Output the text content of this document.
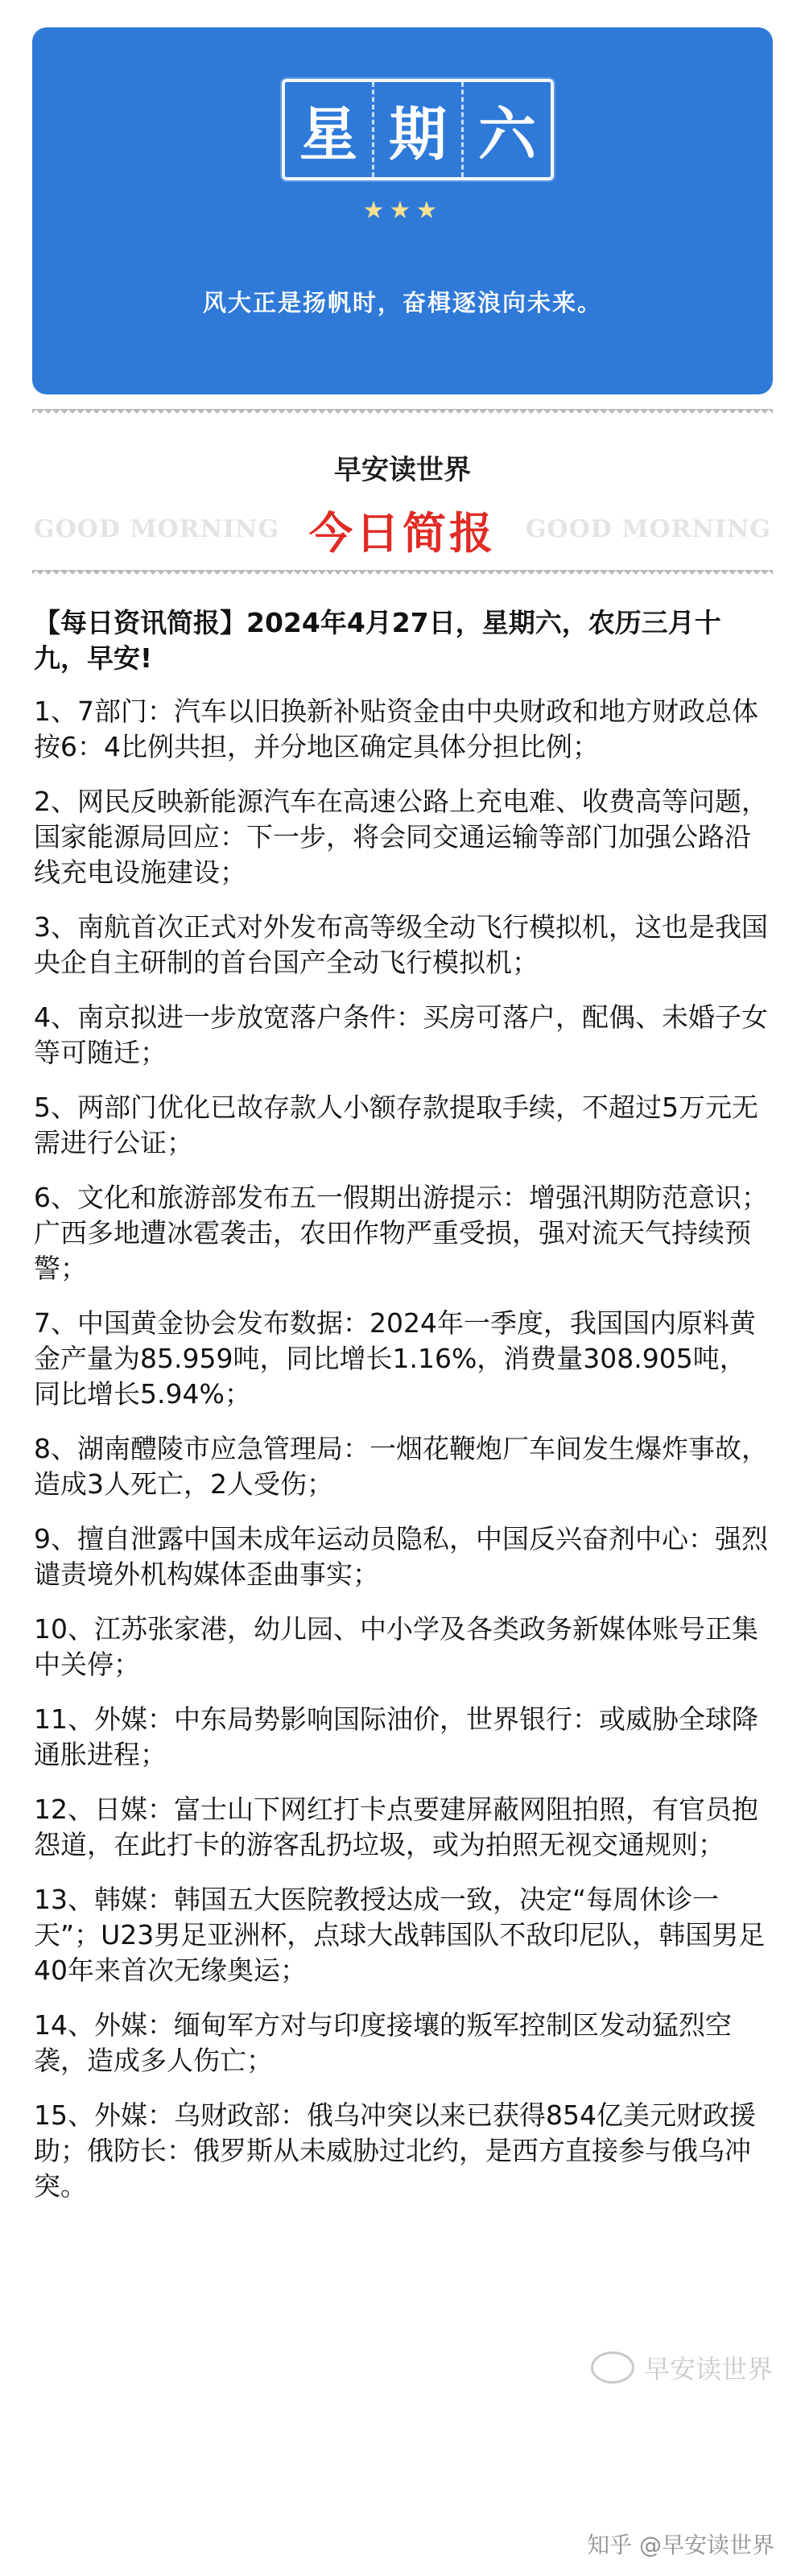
星 期 六
★★★
风大正是扬帆时，奋楫逐浪向未来。
早安读世界
GOOD MORNING 今日简报	GOOD MORNING

【每日资讯简报】2024年4月27日，星期六，农历三月十九，早安!

1、7部门：汽车以旧换新补贴资金由中央财政和地方财政总体按6：4比例共担，并分地区确定具体分担比例；

2、网民反映新能源汽车在高速公路上充电难、收费高等问题，国家能源局回应：下一步，将会同交通运输等部门加强公路沿线充电设施建设；

3、南航首次正式对外发布高等级全动飞行模拟机，这也是我国央企自主研制的首台国产全动飞行模拟机；

4、南京拟进一步放宽落户条件：买房可落户，配偶、未婚子女等可随迁；

5、两部门优化已故存款人小额存款提取手续，不超过5万元无需进行公证；

6、文化和旅游部发布五一假期出游提示：增强汛期防范意识；广西多地遭冰雹袭击，农田作物严重受损，强对流天气持续预警；

7、中国黄金协会发布数据：2024年一季度，我国国内原料黄金产量为85.959吨，同比增长1.16%，消费量308.905吨，同比增长5.94%；

8、湖南醴陵市应急管理局：一烟花鞭炮厂车间发生爆炸事故，造成3人死亡，2人受伤；

9、擅自泄露中国未成年运动员隐私，中国反兴奋剂中心：强烈谴责境外机构媒体歪曲事实；

10、江苏张家港，幼儿园、中小学及各类政务新媒体账号正集中关停；

11、外媒：中东局势影响国际油价，世界银行：或威胁全球降通胀进程；

12、日媒：富士山下网红打卡点要建屏蔽网阻拍照，有官员抱怨道，在此打卡的游客乱扔垃圾，或为拍照无视交通规则；

13、韩媒：韩国五大医院教授达成一致，决定“每周休诊一天”；U23男足亚洲杯，点球大战韩国队不敌印尼队，韩国男足40年来首次无缘奥运；

14、外媒：缅甸军方对与印度接壤的叛军控制区发动猛烈空袭，造成多人伤亡；

15、外媒：乌财政部：俄乌冲突以来已获得854亿美元财政援助；俄防长：俄罗斯从未威胁过北约，是西方直接参与俄乌冲突。

早安读世界
知乎 @早安读世界
